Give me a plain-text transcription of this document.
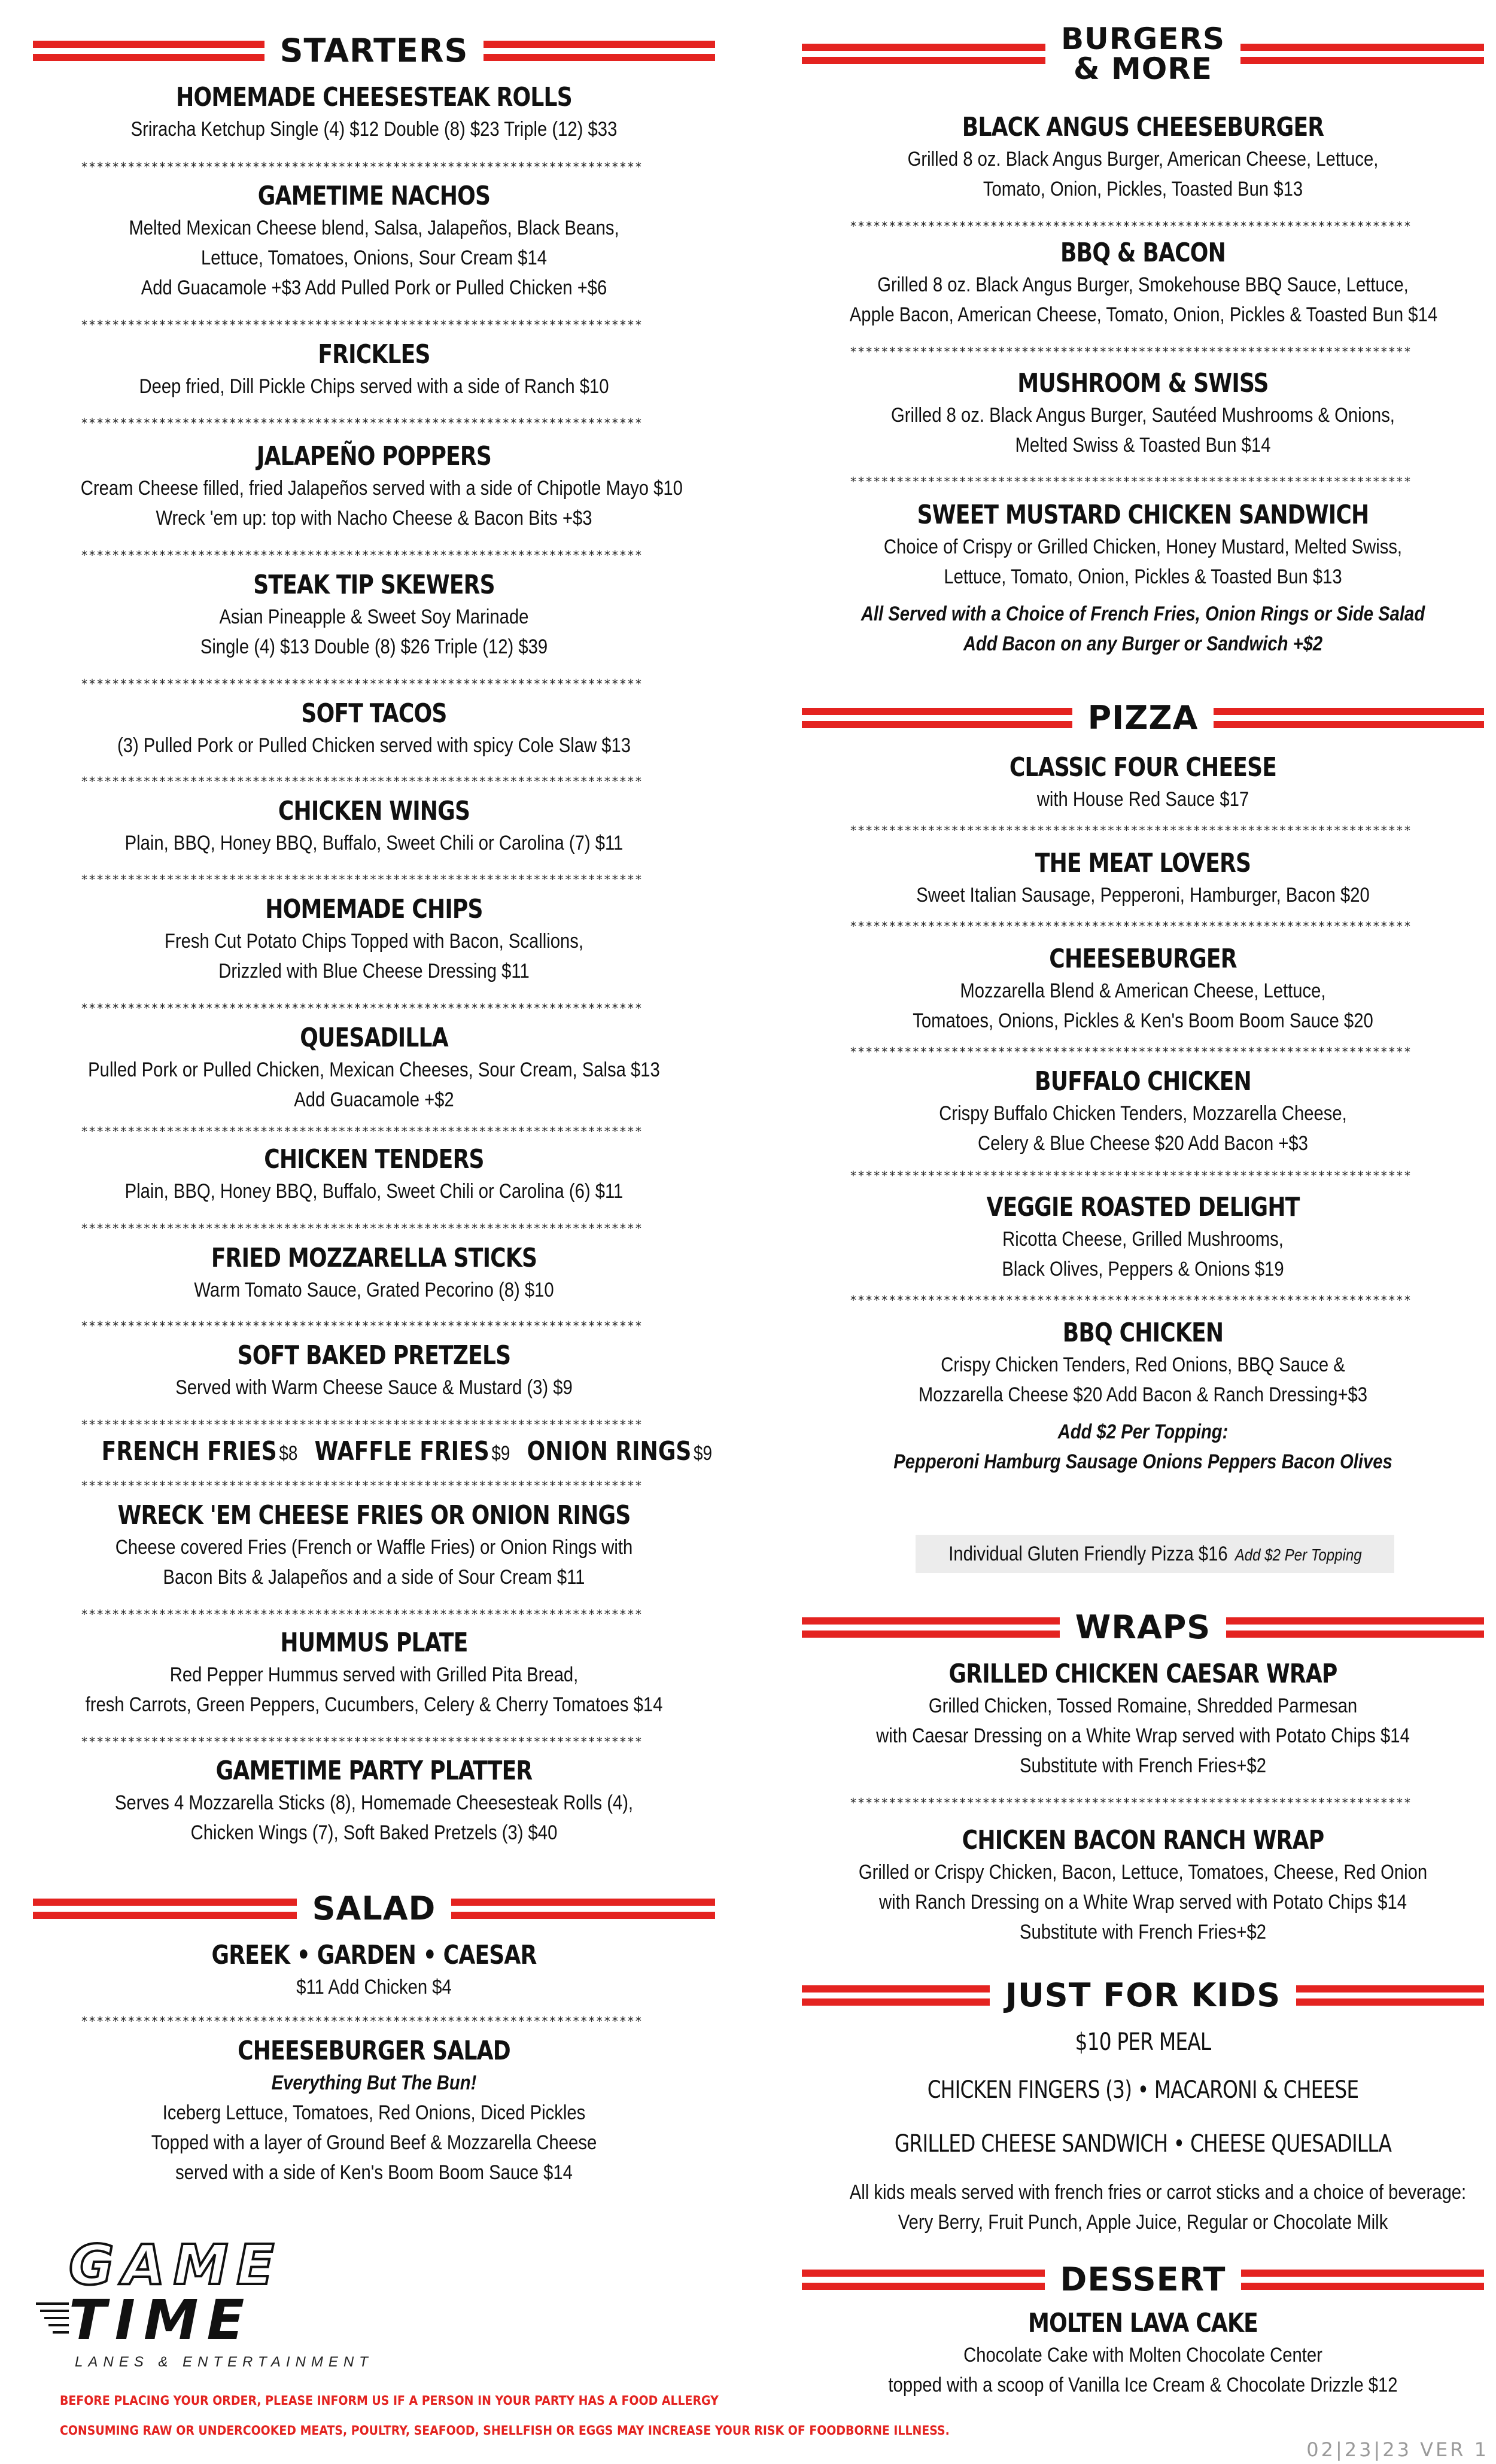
STARTERS
HOMEMADE CHEESESTEAK ROLLS
Sriracha Ketchup Single (4) $12 Double (8) $23 Triple (12) $33
************************************************************************
GAMETIME NACHOS
Melted Mexican Cheese blend, Salsa, Jalapeños, Black Beans,
Lettuce, Tomatoes, Onions, Sour Cream $14
Add Guacamole +$3 Add Pulled Pork or Pulled Chicken +$6
************************************************************************
FRICKLES
Deep fried, Dill Pickle Chips served with a side of Ranch $10
************************************************************************
JALAPEÑO POPPERS
Cream Cheese filled, fried Jalapeños served with a side of Chipotle Mayo $10
Wreck 'em up: top with Nacho Cheese & Bacon Bits +$3
************************************************************************
STEAK TIP SKEWERS
Asian Pineapple & Sweet Soy Marinade
Single (4) $13 Double (8) $26 Triple (12) $39
************************************************************************
SOFT TACOS
(3) Pulled Pork or Pulled Chicken served with spicy Cole Slaw $13
************************************************************************
CHICKEN WINGS
Plain, BBQ, Honey BBQ, Buffalo, Sweet Chili or Carolina (7) $11
************************************************************************
HOMEMADE CHIPS
Fresh Cut Potato Chips Topped with Bacon, Scallions,
Drizzled with Blue Cheese Dressing $11
************************************************************************
QUESADILLA
Pulled Pork or Pulled Chicken, Mexican Cheeses, Sour Cream, Salsa $13
Add Guacamole +$2
************************************************************************
CHICKEN TENDERS
Plain, BBQ, Honey BBQ, Buffalo, Sweet Chili or Carolina (6) $11
************************************************************************
FRIED MOZZARELLA STICKS
Warm Tomato Sauce, Grated Pecorino (8) $10
************************************************************************
SOFT BAKED PRETZELS
Served with Warm Cheese Sauce & Mustard (3) $9
************************************************************************
FRENCH FRIES $8 WAFFLE FRIES $9 ONION RINGS $9
************************************************************************
WRECK 'EM CHEESE FRIES OR ONION RINGS
Cheese covered Fries (French or Waffle Fries) or Onion Rings with
Bacon Bits & Jalapeños and a side of Sour Cream $11
************************************************************************
HUMMUS PLATE
Red Pepper Hummus served with Grilled Pita Bread,
fresh Carrots, Green Peppers, Cucumbers, Celery & Cherry Tomatoes $14
************************************************************************
GAMETIME PARTY PLATTER
Serves 4 Mozzarella Sticks (8), Homemade Cheesesteak Rolls (4),
Chicken Wings (7), Soft Baked Pretzels (3) $40
SALAD
GREEK • GARDEN • CAESAR
$11 Add Chicken $4
************************************************************************
CHEESEBURGER SALAD
Everything But The Bun!
Iceberg Lettuce, Tomatoes, Red Onions, Diced Pickles
Topped with a layer of Ground Beef & Mozzarella Cheese
served with a side of Ken's Boom Boom Sauce $14
GAME
TIME
LANES & ENTERTAINMENT
BEFORE PLACING YOUR ORDER, PLEASE INFORM US IF A PERSON IN YOUR PARTY HAS A FOOD ALLERGY
CONSUMING RAW OR UNDERCOOKED MEATS, POULTRY, SEAFOOD, SHELLFISH OR EGGS MAY INCREASE YOUR RISK OF FOODBORNE ILLNESS.
BURGERS
& MORE
BLACK ANGUS CHEESEBURGER
Grilled 8 oz. Black Angus Burger, American Cheese, Lettuce,
Tomato, Onion, Pickles, Toasted Bun $13
************************************************************************
BBQ & BACON
Grilled 8 oz. Black Angus Burger, Smokehouse BBQ Sauce, Lettuce,
Apple Bacon, American Cheese, Tomato, Onion, Pickles & Toasted Bun $14
************************************************************************
MUSHROOM & SWISS
Grilled 8 oz. Black Angus Burger, Sautéed Mushrooms & Onions,
Melted Swiss & Toasted Bun $14
************************************************************************
SWEET MUSTARD CHICKEN SANDWICH
Choice of Crispy or Grilled Chicken, Honey Mustard, Melted Swiss,
Lettuce, Tomato, Onion, Pickles & Toasted Bun $13
All Served with a Choice of French Fries, Onion Rings or Side Salad
Add Bacon on any Burger or Sandwich +$2
PIZZA
CLASSIC FOUR CHEESE
with House Red Sauce $17
************************************************************************
THE MEAT LOVERS
Sweet Italian Sausage, Pepperoni, Hamburger, Bacon $20
************************************************************************
CHEESEBURGER
Mozzarella Blend & American Cheese, Lettuce,
Tomatoes, Onions, Pickles & Ken's Boom Boom Sauce $20
************************************************************************
BUFFALO CHICKEN
Crispy Buffalo Chicken Tenders, Mozzarella Cheese,
Celery & Blue Cheese $20 Add Bacon +$3
************************************************************************
VEGGIE ROASTED DELIGHT
Ricotta Cheese, Grilled Mushrooms,
Black Olives, Peppers & Onions $19
************************************************************************
BBQ CHICKEN
Crispy Chicken Tenders, Red Onions, BBQ Sauce &
Mozzarella Cheese $20 Add Bacon & Ranch Dressing+$3
Add $2 Per Topping:
Pepperoni Hamburg Sausage Onions Peppers Bacon Olives
Individual Gluten Friendly Pizza $16 Add $2 Per Topping
WRAPS
GRILLED CHICKEN CAESAR WRAP
Grilled Chicken, Tossed Romaine, Shredded Parmesan
with Caesar Dressing on a White Wrap served with Potato Chips $14
Substitute with French Fries+$2
************************************************************************
CHICKEN BACON RANCH WRAP
Grilled or Crispy Chicken, Bacon, Lettuce, Tomatoes, Cheese, Red Onion
with Ranch Dressing on a White Wrap served with Potato Chips $14
Substitute with French Fries+$2
JUST FOR KIDS
$10 PER MEAL
CHICKEN FINGERS (3) • MACARONI & CHEESE
GRILLED CHEESE SANDWICH • CHEESE QUESADILLA
All kids meals served with french fries or carrot sticks and a choice of beverage:
Very Berry, Fruit Punch, Apple Juice, Regular or Chocolate Milk
DESSERT
MOLTEN LAVA CAKE
Chocolate Cake with Molten Chocolate Center
topped with a scoop of Vanilla Ice Cream & Chocolate Drizzle $12
02|23|23 VER 1
